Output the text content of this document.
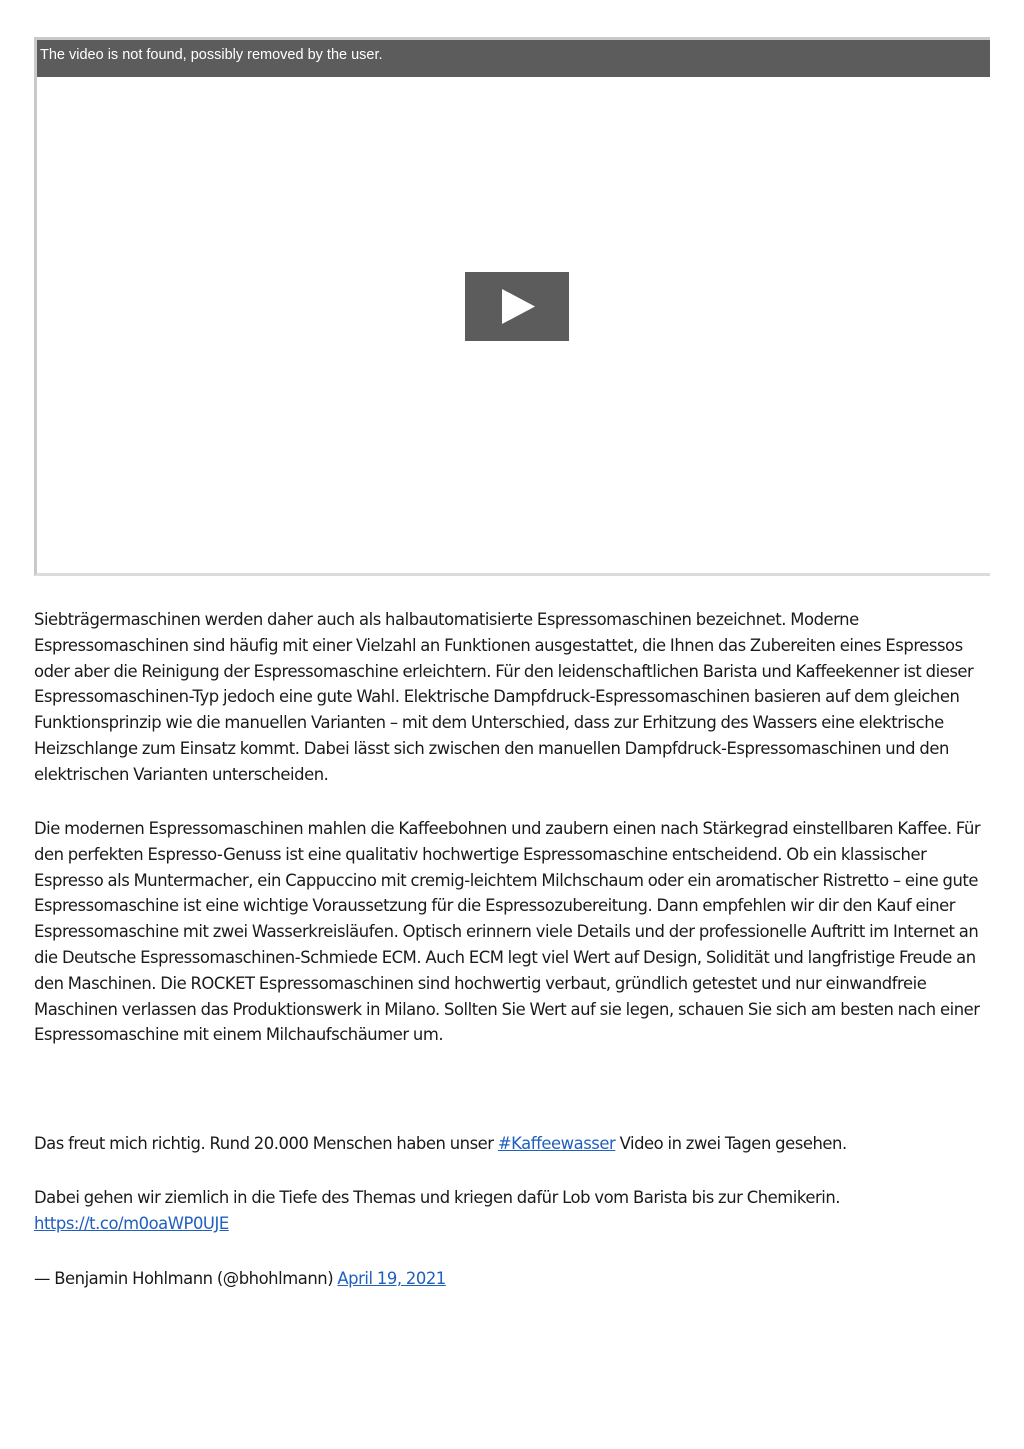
The video is not found, possibly removed by the user.

Siebträgermaschinen werden daher auch als halbautomatisierte Espressomaschinen bezeichnet. Moderne Espressomaschinen sind häufig mit einer Vielzahl an Funktionen ausgestattet, die Ihnen das Zubereiten eines Espressos oder aber die Reinigung der Espressomaschine erleichtern. Für den leidenschaftlichen Barista und Kaffeekenner ist dieser Espressomaschinen-Typ jedoch eine gute Wahl. Elektrische Dampfdruck-Espressomaschinen basieren auf dem gleichen Funktionsprinzip wie die manuellen Varianten – mit dem Unterschied, dass zur Erhitzung des Wassers eine elektrische Heizschlange zum Einsatz kommt. Dabei lässt sich zwischen den manuellen Dampfdruck-Espressomaschinen und den elektrischen Varianten unterscheiden.

Die modernen Espressomaschinen mahlen die Kaffeebohnen und zaubern einen nach Stärkegrad einstellbaren Kaffee. Für den perfekten Espresso-Genuss ist eine qualitativ hochwertige Espressomaschine entscheidend. Ob ein klassischer Espresso als Muntermacher, ein Cappuccino mit cremig-leichtem Milchschaum oder ein aromatischer Ristretto – eine gute Espressomaschine ist eine wichtige Voraussetzung für die Espressozubereitung. Dann empfehlen wir dir den Kauf einer Espressomaschine mit zwei Wasserkreisläufen. Optisch erinnern viele Details und der professionelle Auftritt im Internet an die Deutsche Espressomaschinen-Schmiede ECM. Auch ECM legt viel Wert auf Design, Solidität und langfristige Freude an den Maschinen. Die ROCKET Espressomaschinen sind hochwertig verbaut, gründlich getestet und nur einwandfreie Maschinen verlassen das Produktionswerk in Milano. Sollten Sie Wert auf sie legen, schauen Sie sich am besten nach einer Espressomaschine mit einem Milchaufschäumer um.

Das freut mich richtig. Rund 20.000 Menschen haben unser #Kaffeewasser Video in zwei Tagen gesehen.

Dabei gehen wir ziemlich in die Tiefe des Themas und kriegen dafür Lob vom Barista bis zur Chemikerin.
https://t.co/m0oaWP0UJE

— Benjamin Hohlmann (@bhohlmann) April 19, 2021
